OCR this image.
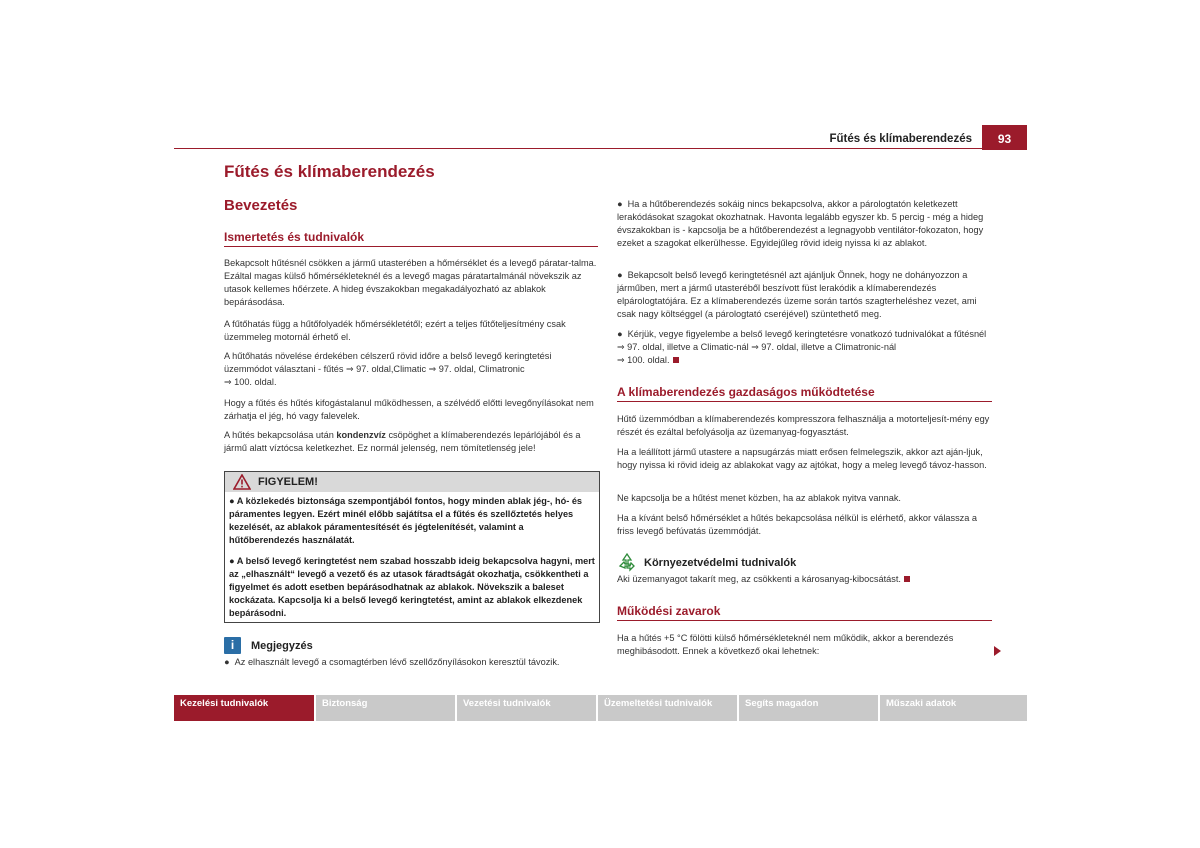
Fűtés és klímaberendezés	93
Fűtés és klímaberendezés
Bevezetés
Ismertetés és tudnivalók

Bekapcsolt hűtésnél csökken a jármű utasterében a hőmérséklet és a levegő páratar-talma. Ezáltal magas külső hőmérsékleteknél és a levegő magas páratartalmánál növekszik az utasok kellemes hőérzete. A hideg évszakokban megakadályozható az ablakok bepárásodása.

A fűtőhatás függ a hűtőfolyadék hőmérsékletétől; ezért a teljes fűtőteljesítmény csak üzemmeleg motornál érhető el.

A hűtőhatás növelése érdekében célszerű rövid időre a belső levegő keringtetési üzemmódot választani - fűtés ⇒ 97. oldal,Climatic ⇒ 97. oldal, Climatronic
⇒ 100. oldal.

Hogy a fűtés és hűtés kifogástalanul működhessen, a szélvédő előtti levegőnyílásokat nem zárhatja el jég, hó vagy falevelek.

A hűtés bekapcsolása után kondenzvíz csöpöghet a klímaberendezés lepárlójából és a jármű alatt víztócsa keletkezhet. Ez normál jelenség, nem tömítetlenség jele!

FIGYELEM!

● A közlekedés biztonsága szempontjából fontos, hogy minden ablak jég-, hó- és páramentes legyen. Ezért minél előbb sajátítsa el a fűtés és szellőztetés helyes kezelését, az ablakok páramentesítését és jégtelenítését, valamint a hűtőberendezés használatát.

● A belső levegő keringtetést nem szabad hosszabb ideig bekapcsolva hagyni, mert az „elhasznált“ levegő a vezető és az utasok fáradtságát okozhatja, csökkentheti a figyelmet és adott esetben bepárásodhatnak az ablakok. Növekszik a baleset kockázata. Kapcsolja ki a belső levegő keringtetést, amint az ablakok elkezdenek bepárásodni.

i	Megjegyzés

● Az elhasznált levegő a csomagtérben lévő szellőzőnyílásokon keresztül távozik.

● Ha a hűtőberendezés sokáig nincs bekapcsolva, akkor a párologtatón keletkezett lerakódásokat szagokat okozhatnak. Havonta legalább egyszer kb. 5 percig - még a hideg évszakokban is - kapcsolja be a hűtőberendezést a legnagyobb ventilátor-fokozaton, hogy ezeket a szagokat elkerülhesse. Egyidejűleg rövid ideig nyissa ki az ablakot.

● Bekapcsolt belső levegő keringtetésnél azt ajánljuk Önnek, hogy ne dohányozzon a járműben, mert a jármű utasteréből beszívott füst lerakódik a klímaberendezés elpárologtatójára. Ez a klímaberendezés üzeme során tartós szagterheléshez vezet, ami csak nagy költséggel (a párologtató cseréjével) szüntethető meg.

● Kérjük, vegye figyelembe a belső levegő keringtetésre vonatkozó tudnivalókat a fűtésnél ⇒ 97. oldal, illetve a Climatic-nál ⇒ 97. oldal, illetve a Climatronic-nál
⇒ 100. oldal.

A klímaberendezés gazdaságos működtetése

Hűtő üzemmódban a klímaberendezés kompresszora felhasználja a motorteljesít-mény egy részét és ezáltal befolyásolja az üzemanyag-fogyasztást.

Ha a leállított jármű utastere a napsugárzás miatt erősen felmelegszik, akkor azt aján-ljuk, hogy nyissa ki rövid ideig az ablakokat vagy az ajtókat, hogy a meleg levegő távoz-hasson.

Ne kapcsolja be a hűtést menet közben, ha az ablakok nyitva vannak.

Ha a kívánt belső hőmérséklet a hűtés bekapcsolása nélkül is elérhető, akkor válassza a friss levegő befúvatás üzemmódját.

Környezetvédelmi tudnivalók

Aki üzemanyagot takarít meg, az csökkenti a károsanyag-kibocsátást.

Működési zavarok

Ha a hűtés +5 °C fölötti külső hőmérsékleteknél nem működik, akkor a berendezés meghibásodott. Ennek a következő okai lehetnek:

Kezelési tudnivalók	Biztonság	Vezetési tudnivalók	Üzemeltetési tudnivalók	Segíts magadon	Műszaki adatok
